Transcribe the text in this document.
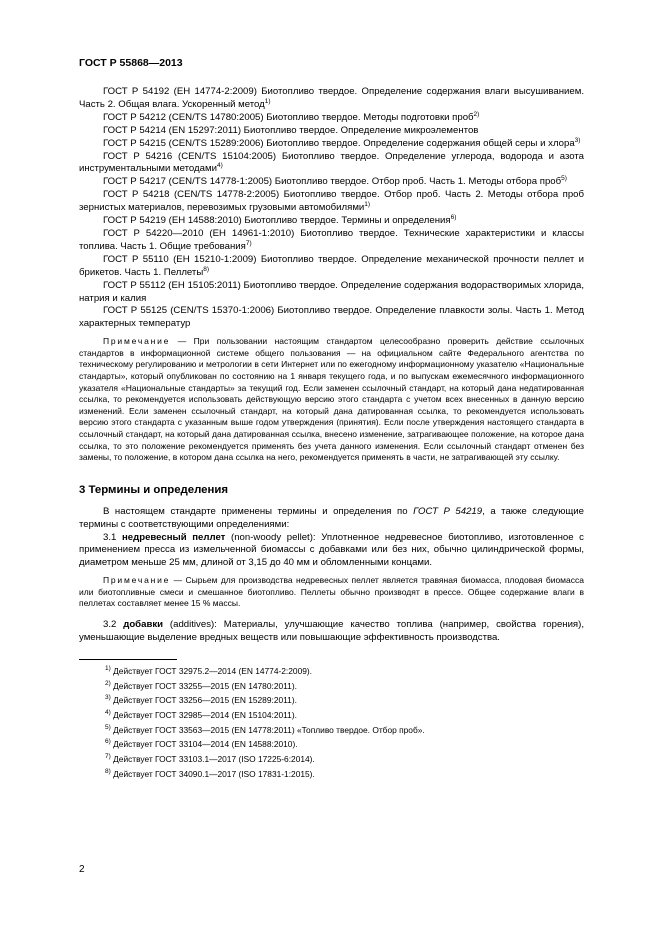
ГОСТ Р 55868—2013

ГОСТ Р 54192 (ЕН 14774-2:2009) Биотопливо твердое. Определение содержания влаги высушиванием. Часть 2. Общая влага. Ускоренный метод$^{1)}$

ГОСТ Р 54212 (CEN/TS 14780:2005) Биотопливо твердое. Методы подготовки проб$^{2)}$

ГОСТ Р 54214 (EN 15297:2011) Биотопливо твердое. Определение микроэлементов

ГОСТ Р 54215 (CEN/TS 15289:2006) Биотопливо твердое. Определение содержания общей серы и хлора$^{3)}$

ГОСТ Р 54216 (CEN/TS 15104:2005) Биотопливо твердое. Определение углерода, водорода и азота инструментальными методами$^{4)}$

ГОСТ Р 54217 (CEN/TS 14778-1:2005) Биотопливо твердое. Отбор проб. Часть 1. Методы отбора проб$^{5)}$

ГОСТ Р 54218 (CEN/TS 14778-2:2005) Биотопливо твердое. Отбор проб. Часть 2. Методы отбора проб зернистых материалов, перевозимых грузовыми автомобилями$^{1)}$

ГОСТ Р 54219 (ЕН 14588:2010) Биотопливо твердое. Термины и определения$^{6)}$

ГОСТ Р 54220—2010 (ЕН 14961-1:2010) Биотопливо твердое. Технические характеристики и классы топлива. Часть 1. Общие требования$^{7)}$

ГОСТ Р 55110 (ЕН 15210-1:2009) Биотопливо твердое. Определение механической прочности пеллет и брикетов. Часть 1. Пеллеты$^{8)}$

ГОСТ Р 55112 (ЕН 15105:2011) Биотопливо твердое. Определение содержания водорастворимых хлорида, натрия и калия

ГОСТ Р 55125 (CEN/TS 15370-1:2006) Биотопливо твердое. Определение плавкости золы. Часть 1. Метод характерных температур

Примечание — При пользовании настоящим стандартом целесообразно проверить действие ссылочных стандартов в информационной системе общего пользования — на официальном сайте Федерального агентства по техническому регулированию и метрологии в сети Интернет или по ежегодному информационному указателю «Национальные стандарты», который опубликован по состоянию на 1 января текущего года, и по выпускам ежемесячного информационного указателя «Национальные стандарты» за текущий год. Если заменен ссылочный стандарт, на который дана недатированная ссылка, то рекомендуется использовать действующую версию этого стандарта с учетом всех внесенных в данную версию изменений. Если заменен ссылочный стандарт, на который дана датированная ссылка, то рекомендуется использовать версию этого стандарта с указанным выше годом утверждения (принятия). Если после утверждения настоящего стандарта в ссылочный стандарт, на который дана датированная ссылка, внесено изменение, затрагивающее положение, на которое дана ссылка, то это положение рекомендуется применять без учета данного изменения. Если ссылочный стандарт отменен без замены, то положение, в котором дана ссылка на него, рекомендуется применять в части, не затрагивающей эту ссылку.

3 Термины и определения

В настоящем стандарте применены термины и определения по ГОСТ Р 54219, а также следующие термины с соответствующими определениями:

3.1 недревесный пеллет (non-woody pellet): Уплотненное недревесное биотопливо, изготовленное с применением пресса из измельченной биомассы с добавками или без них, обычно цилиндрической формы, диаметром меньше 25 мм, длиной от 3,15 до 40 мм и обломленными концами.

Примечание — Сырьем для производства недревесных пеллет является травяная биомасса, плодовая биомасса или биотопливные смеси и смешанное биотопливо. Пеллеты обычно производят в прессе. Общее содержание влаги в пеллетах составляет менее 15 % массы.

3.2 добавки (additives): Материалы, улучшающие качество топлива (например, свойства горения), уменьшающие выделение вредных веществ или повышающие эффективность производства.

$^{1)}$ Действует ГОСТ 32975.2—2014 (EN 14774-2:2009).

$^{2)}$ Действует ГОСТ 33255—2015 (EN 14780:2011).

$^{3)}$ Действует ГОСТ 33256—2015 (EN 15289:2011).

$^{4)}$ Действует ГОСТ 32985—2014 (EN 15104:2011).

$^{5)}$ Действует ГОСТ 33563—2015 (EN 14778:2011) «Топливо твердое. Отбор проб».

$^{6)}$ Действует ГОСТ 33104—2014 (EN 14588:2010).

$^{7)}$ Действует ГОСТ 33103.1—2017 (ISO 17225-6:2014).

$^{8)}$ Действует ГОСТ 34090.1—2017 (ISO 17831-1:2015).

2
